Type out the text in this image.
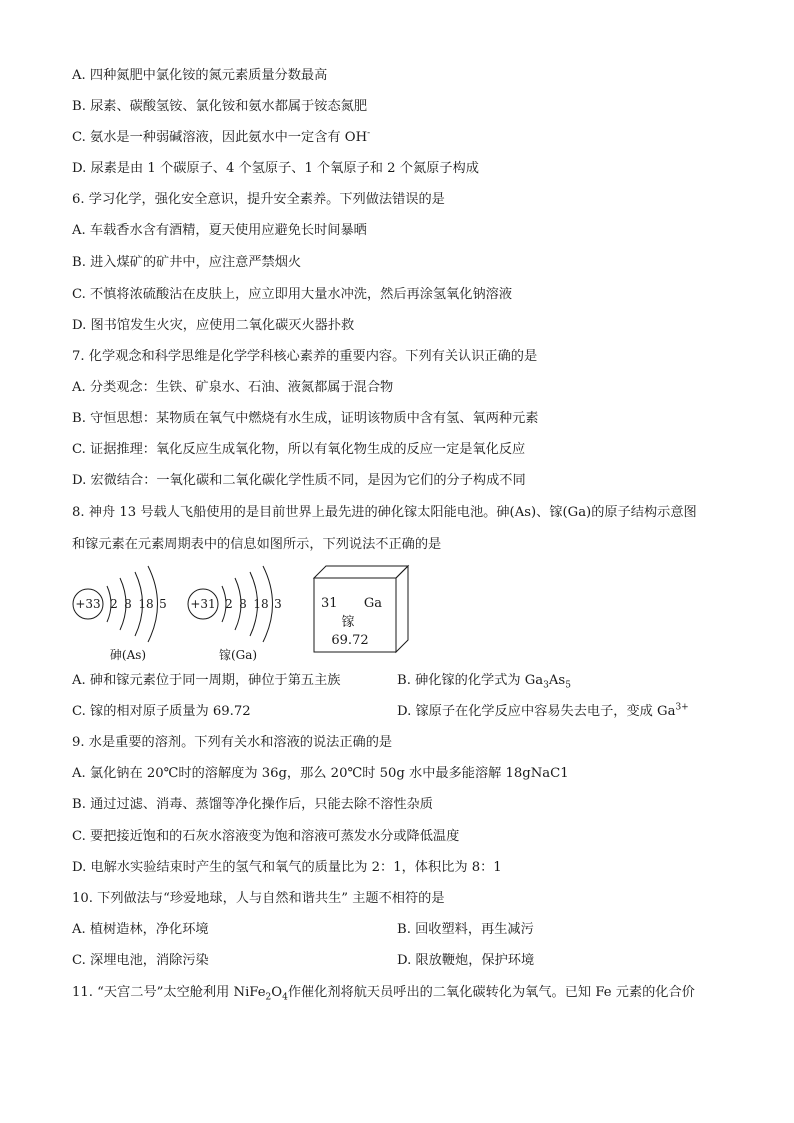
A. 四种氮肥中氯化铵的氮元素质量分数最高
B. 尿素、碳酸氢铵、氯化铵和氨水都属于铵态氮肥
C. 氨水是一种弱碱溶液，因此氨水中一定含有 OH-
D. 尿素是由 1 个碳原子、4 个氢原子、1 个氧原子和 2 个氮原子构成
6. 学习化学，强化安全意识，提升安全素养。下列做法错误的是
A. 车载香水含有酒精，夏天使用应避免长时间暴晒
B. 进入煤矿的矿井中，应注意严禁烟火
C. 不慎将浓硫酸沾在皮肤上，应立即用大量水冲洗，然后再涂氢氧化钠溶液
D. 图书馆发生火灾，应使用二氧化碳灭火器扑救
7. 化学观念和科学思维是化学学科核心素养的重要内容。下列有关认识正确的是
A. 分类观念：生铁、矿泉水、石油、液氮都属于混合物
B. 守恒思想：某物质在氧气中燃烧有水生成，证明该物质中含有氢、氧两种元素
C. 证据推理：氧化反应生成氧化物，所以有氧化物生成的反应一定是氧化反应
D. 宏微结合：一氧化碳和二氧化碳化学性质不同，是因为它们的分子构成不同
8. 神舟 13 号载人飞船使用的是目前世界上最先进的砷化镓太阳能电池。砷(As)、镓(Ga)的原子结构示意图
和镓元素在元素周期表中的信息如图所示，下列说法不正确的是
+33 2 8 18 5
砷(As)
+31 2 8 18 3
镓(Ga)
31 Ga
镓
69.72
A. 砷和镓元素位于同一周期，砷位于第五主族	B. 砷化镓的化学式为 $Ga_3As_5$
C. 镓的相对原子质量为 69.72	D. 镓原子在化学反应中容易失去电子，变成 $Ga^{3+}$
9. 水是重要的溶剂。下列有关水和溶液的说法正确的是
A. 氯化钠在 20℃时的溶解度为 36g，那么 20℃时 50g 水中最多能溶解 18gNaC1
B. 通过过滤、消毒、蒸馏等净化操作后，只能去除不溶性杂质
C. 要把接近饱和的石灰水溶液变为饱和溶液可蒸发水分或降低温度
D. 电解水实验结束时产生的氢气和氧气的质量比为 2：1，体积比为 8：1
10. 下列做法与“珍爱地球，人与自然和谐共生” 主题不相符的是
A. 植树造林，净化环境	B. 回收塑料，再生减污
C. 深埋电池，消除污染	D. 限放鞭炮，保护环境
11. “天宫二号”太空舱利用 $NiFe_2O_4$作催化剂将航天员呼出的二氧化碳转化为氧气。已知 Fe 元素的化合价
